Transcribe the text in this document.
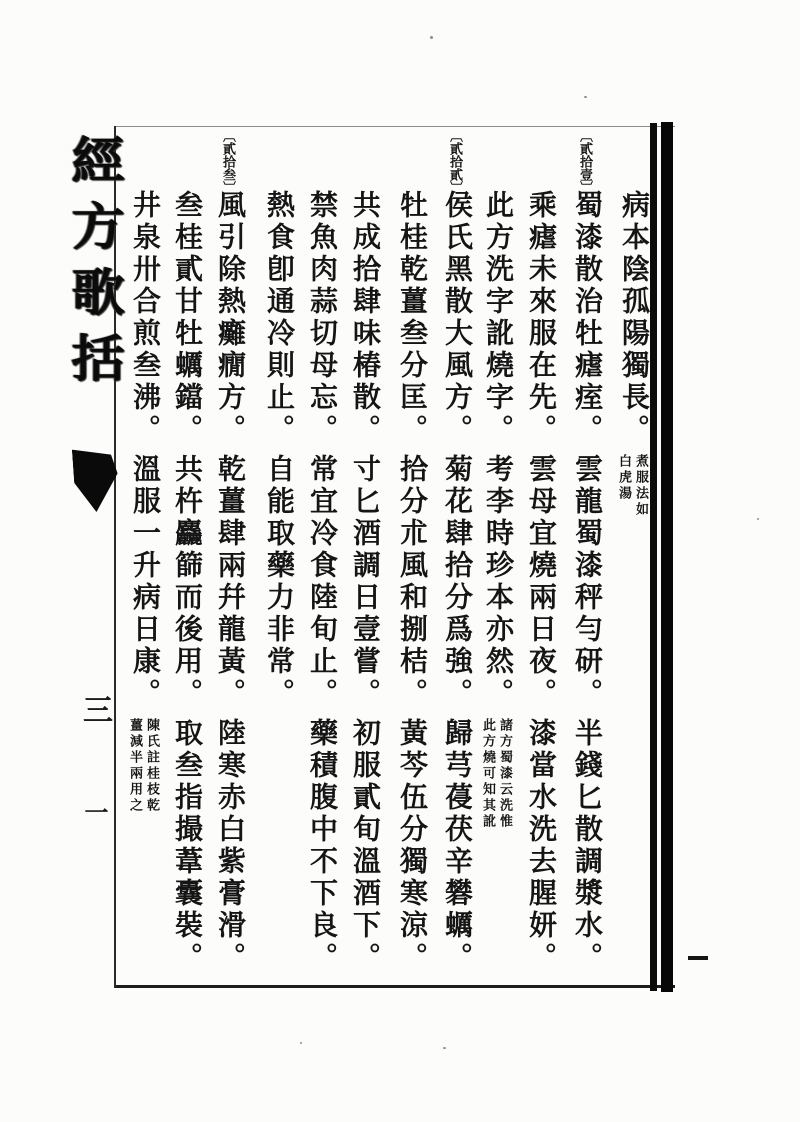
經方歌括
三
一
病本陰孤陽獨長。
煮服法如
白虎湯
︹貳拾壹︺
蜀漆散治牡瘧痓。
雲龍蜀漆秤勻研。
半錢匕散調漿水。
乘瘧未來服在先。
雲母宜燒兩日夜。
漆當水洗去腥妍。
此方洗字訛燒字。
考李時珍本亦然。
諸方蜀漆云洗惟
此方燒可知其訛
︹貳拾貳︺
侯氏黑散大風方。
菊花肆拾分爲強。
歸芎葠茯辛礬蠣。
牡桂乾薑叁分匡。
拾分朮風和捌桔。
黃芩伍分獨寒涼。
共成拾肆味椿散。
寸匕酒調日壹嘗。
初服貳旬溫酒下。
禁魚肉蒜切母忘。
常宜冷食陸旬止。
藥積腹中不下良。
熱食卽通冷則止。
自能取藥力非常。
︹貳拾叁︺
風引除熱癱癇方。
乾薑肆兩幷龍黃。
陸寒赤白紫膏滑。
叁桂貳甘牡蠣鐺。
共杵麤篩而後用。
取叁指撮葦囊裝。
井泉卅合煎叁沸。
溫服一升病日康。
陳氏註桂枝乾
薑減半兩用之
